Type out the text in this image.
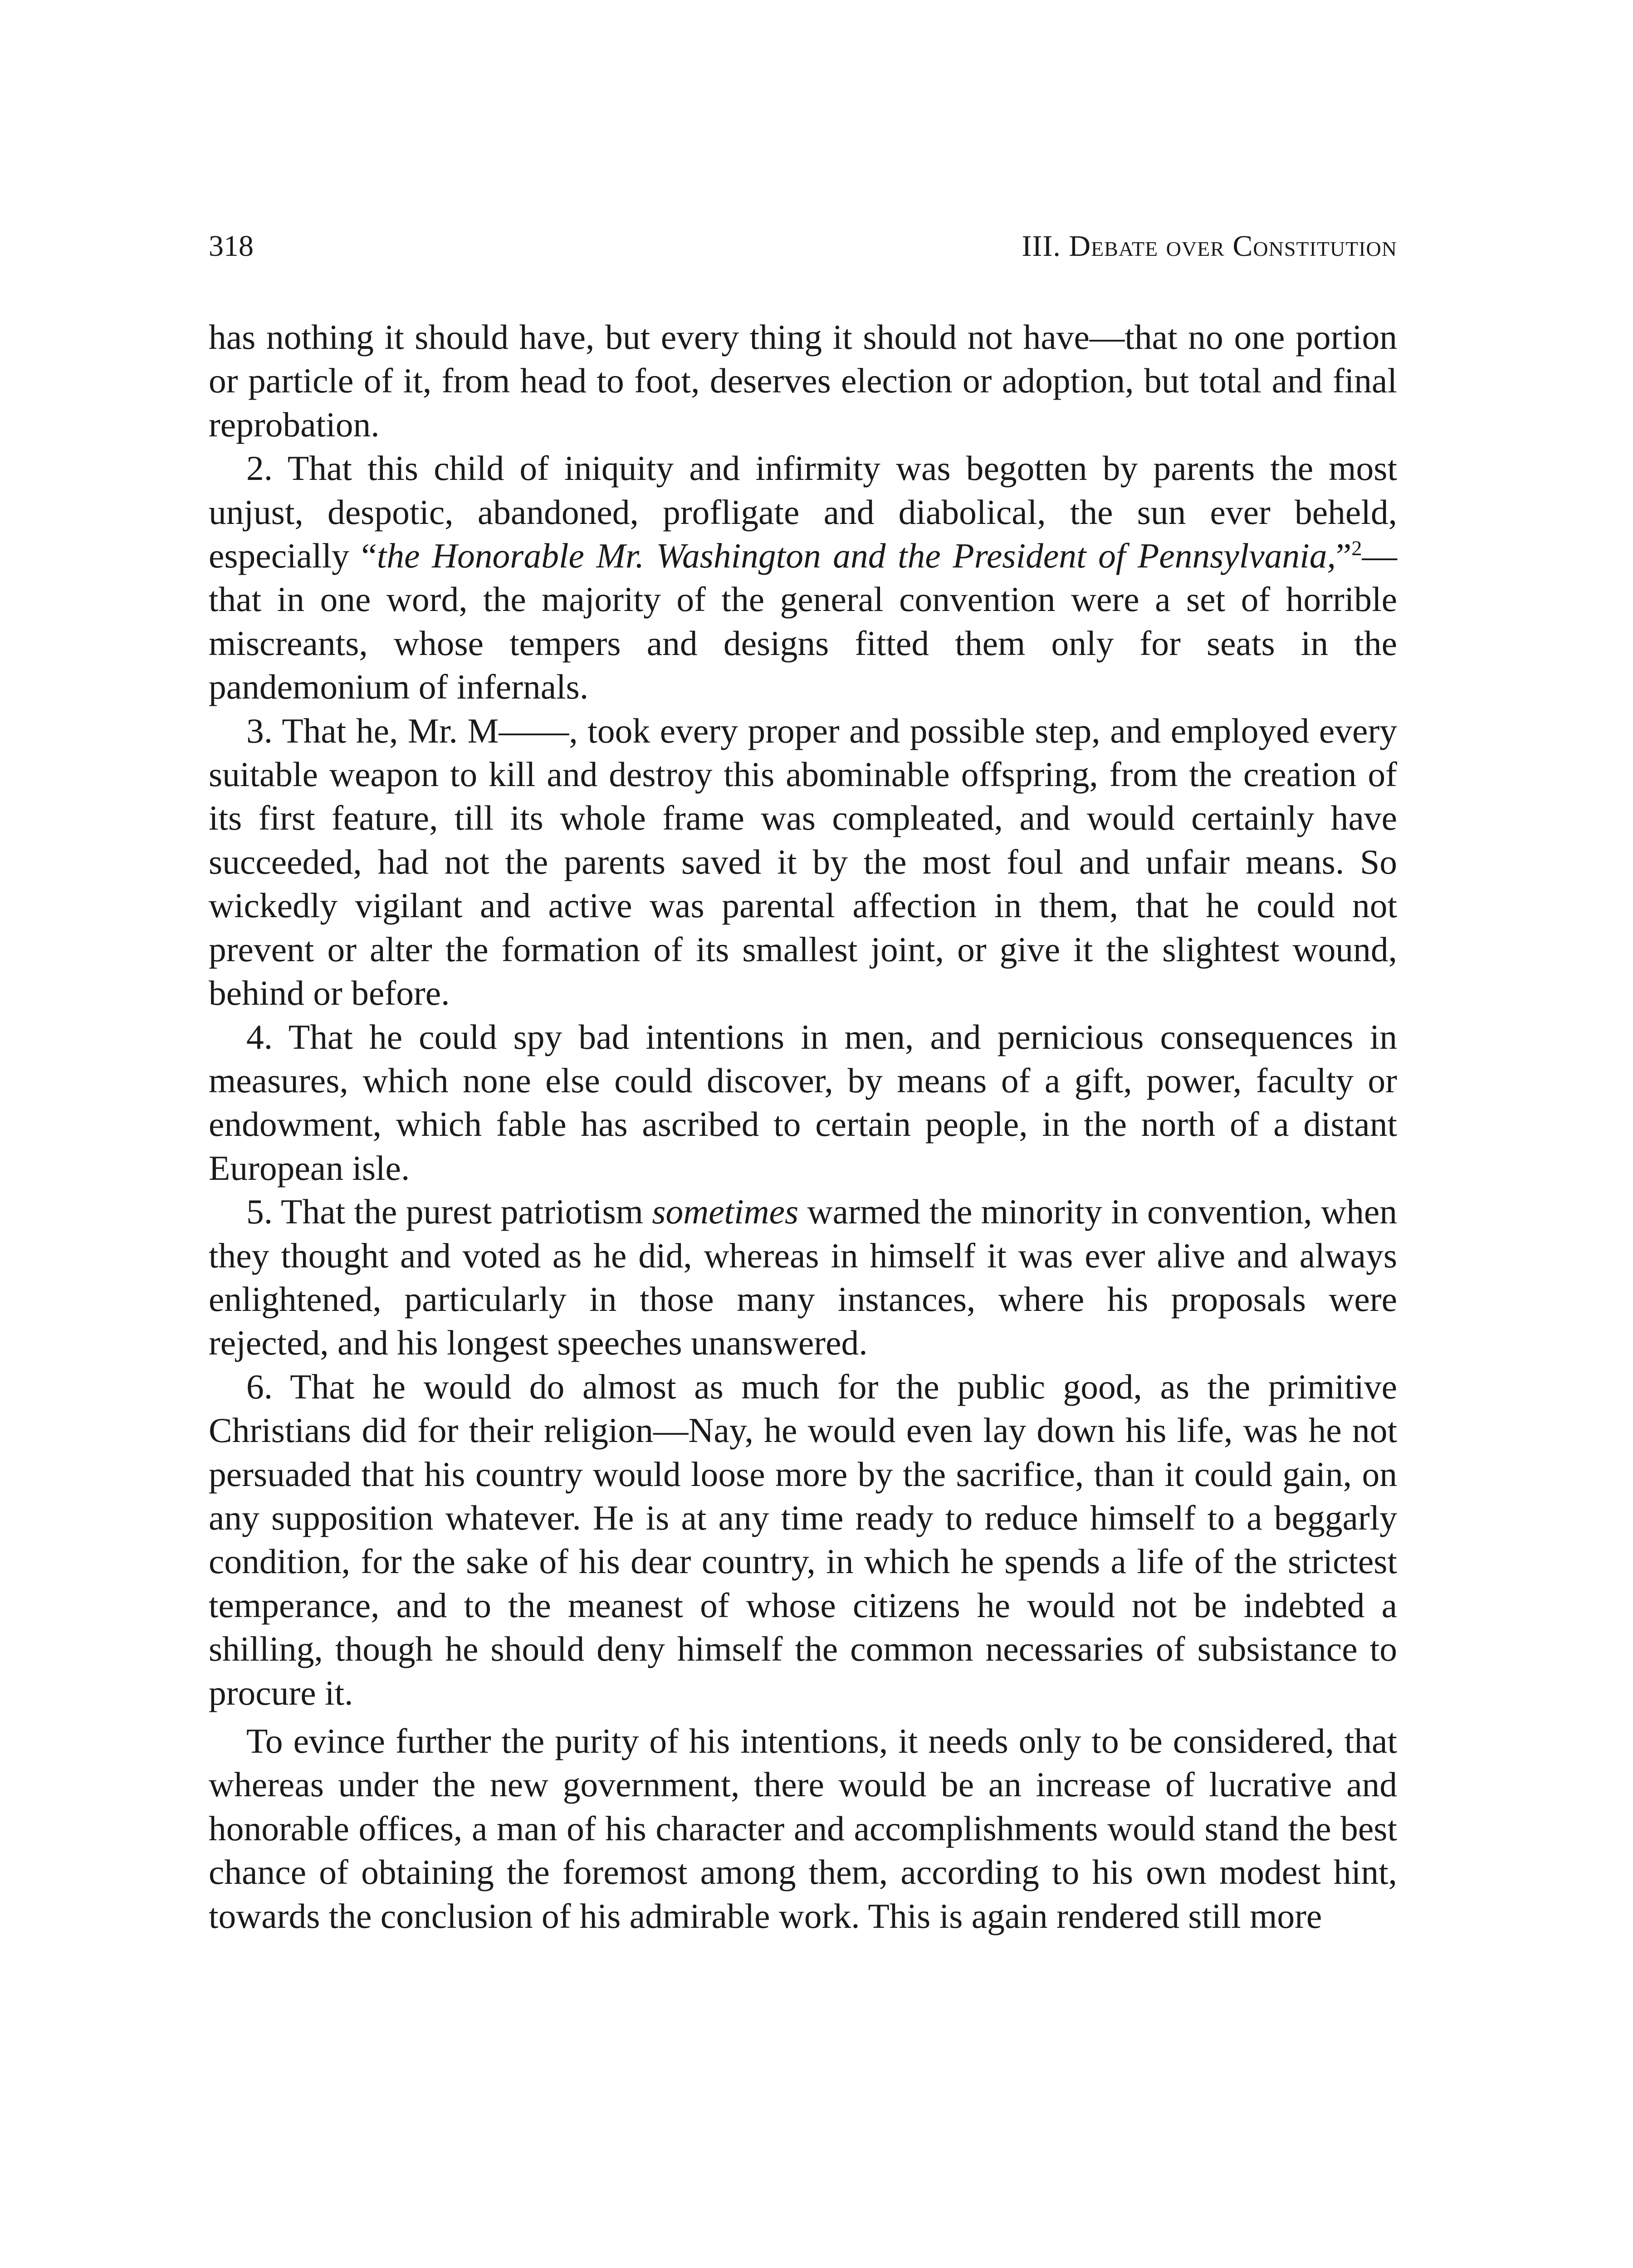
318	III. Debate over Constitution

has nothing it should have, but every thing it should not have—that no one portion or particle of it, from head to foot, deserves election or adoption, but total and final reprobation.

2. That this child of iniquity and infirmity was begotten by parents the most unjust, despotic, abandoned, profligate and diabolical, the sun ever beheld, especially “the Honorable Mr. Washington and the President of Pennsylvania,”$^2$—that in one word, the majority of the general convention were a set of horrible miscreants, whose tempers and designs fitted them only for seats in the pandemonium of infernals.

3. That he, Mr. M——, took every proper and possible step, and employed every suitable weapon to kill and destroy this abominable offspring, from the creation of its first feature, till its whole frame was compleated, and would certainly have succeeded, had not the parents saved it by the most foul and unfair means. So wickedly vigilant and active was parental affection in them, that he could not prevent or alter the formation of its smallest joint, or give it the slightest wound, behind or before.

4. That he could spy bad intentions in men, and pernicious consequences in measures, which none else could discover, by means of a gift, power, faculty or endowment, which fable has ascribed to certain people, in the north of a distant European isle.

5. That the purest patriotism sometimes warmed the minority in convention, when they thought and voted as he did, whereas in himself it was ever alive and always enlightened, particularly in those many instances, where his proposals were rejected, and his longest speeches unanswered.

6. That he would do almost as much for the public good, as the primitive Christians did for their religion—Nay, he would even lay down his life, was he not persuaded that his country would loose more by the sacrifice, than it could gain, on any supposition whatever. He is at any time ready to reduce himself to a beggarly condition, for the sake of his dear country, in which he spends a life of the strictest temperance, and to the meanest of whose citizens he would not be indebted a shilling, though he should deny himself the common necessaries of subsistance to procure it.

To evince further the purity of his intentions, it needs only to be considered, that whereas under the new government, there would be an increase of lucrative and honorable offices, a man of his character and accomplishments would stand the best chance of obtaining the foremost among them, according to his own modest hint, towards the conclusion of his admirable work. This is again rendered still more
